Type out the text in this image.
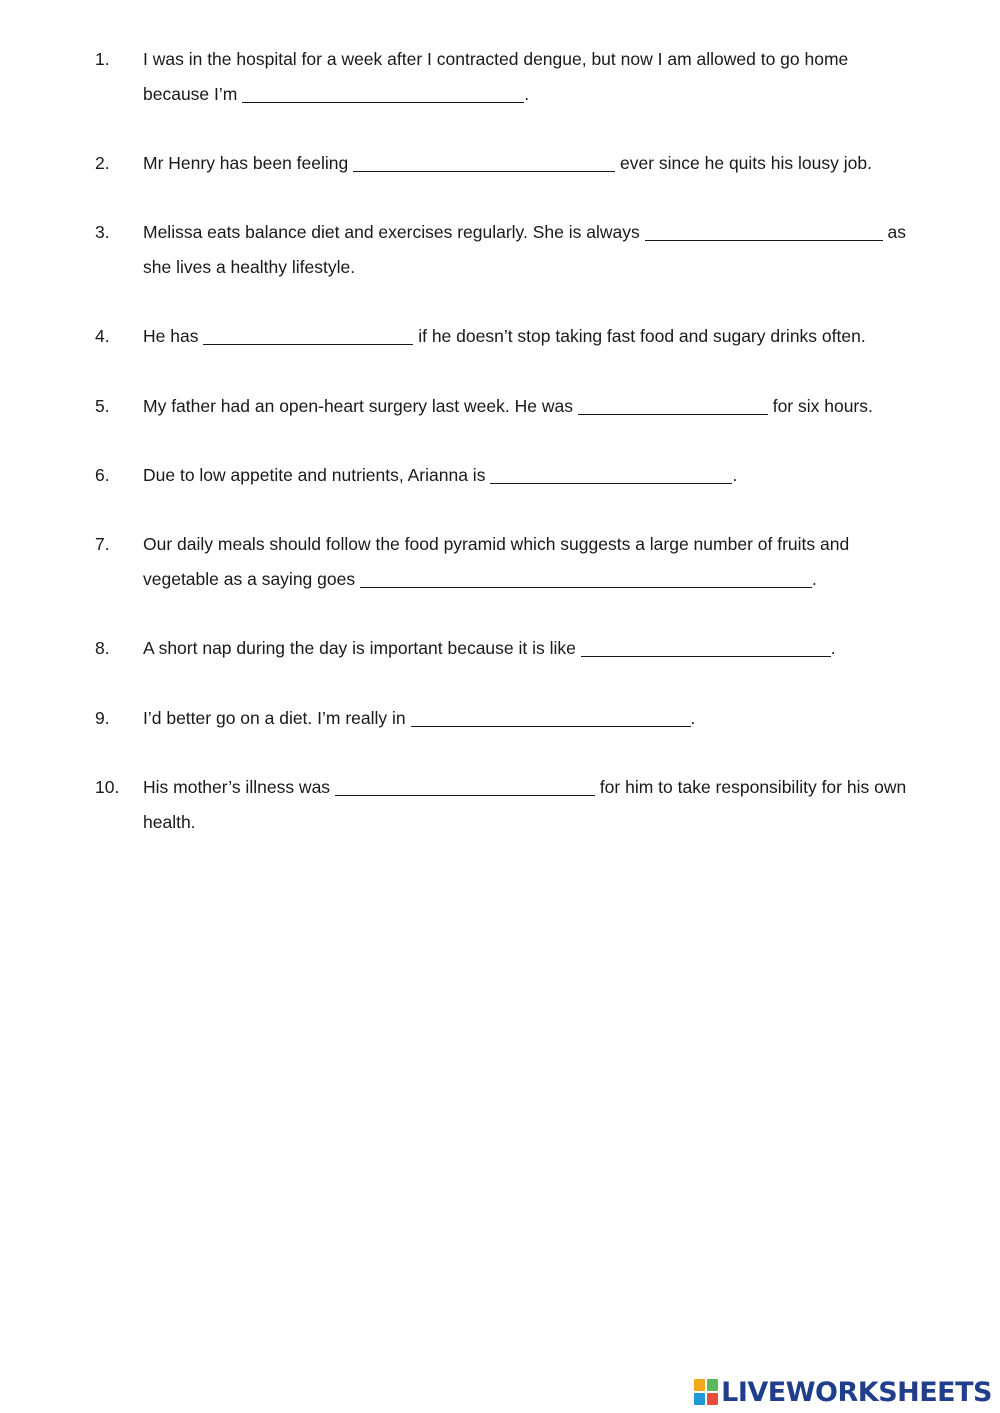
1.	I was in the hospital for a week after I contracted dengue, but now I am allowed to go home because I’m	.
2.	Mr Henry has been feeling	ever since he quits his lousy job.
3.	Melissa eats balance diet and exercises regularly. She is always	as she lives a healthy lifestyle.
4.	He has	if he doesn’t stop taking fast food and sugary drinks often.
5.	My father had an open-heart surgery last week. He was	for six hours.
6.	Due to low appetite and nutrients, Arianna is	.
7.	Our daily meals should follow the food pyramid which suggests a large number of fruits and vegetable as a saying goes	.
8.	A short nap during the day is important because it is like	.
9.	I’d better go on a diet. I’m really in	.
10.	His mother’s illness was	for him to take responsibility for his own health.
LIVEWORKSHEETS
